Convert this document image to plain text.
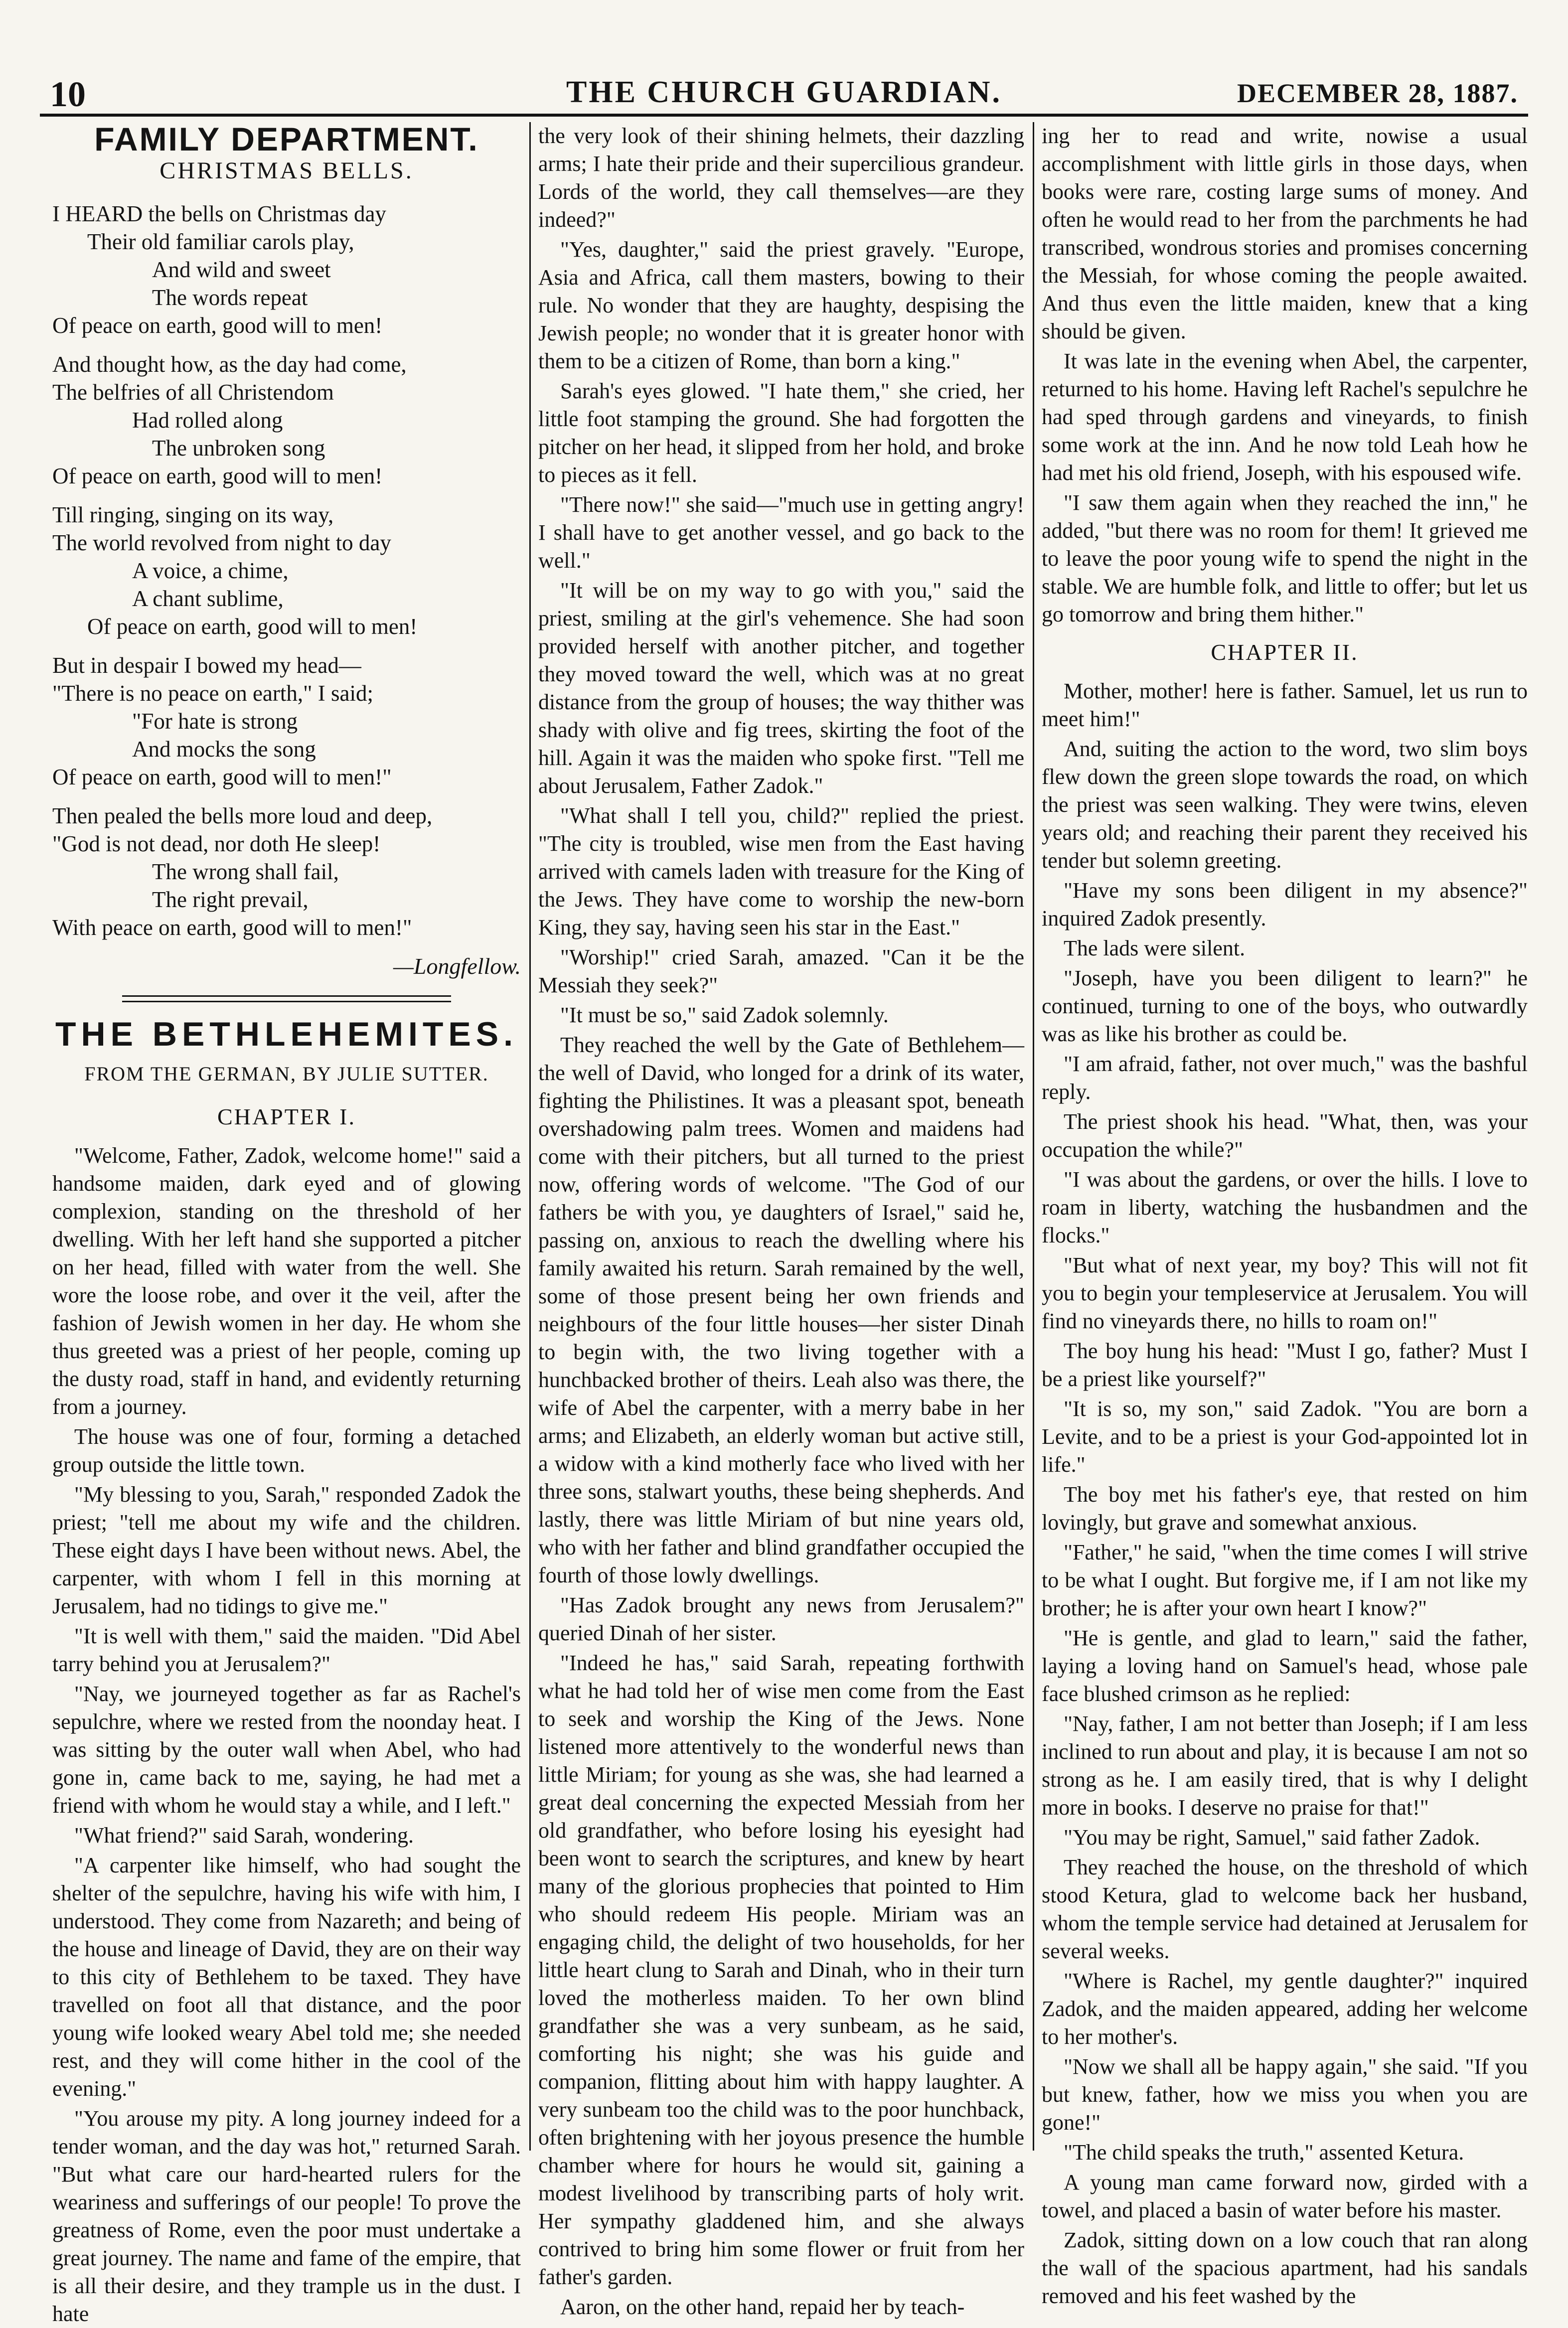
10	THE CHURCH GUARDIAN.	DECEMBER 28, 1887.
FAMILY DEPARTMENT.
CHRISTMAS BELLS.
I HEARD the bells on Christmas day
Their old familiar carols play,
And wild and sweet
The words repeat
Of peace on earth, good will to men!
And thought how, as the day had come,
The belfries of all Christendom
Had rolled along
The unbroken song
Of peace on earth, good will to men!
Till ringing, singing on its way,
The world revolved from night to day
A voice, a chime,
A chant sublime,
Of peace on earth, good will to men!
But in despair I bowed my head—
"There is no peace on earth," I said;
"For hate is strong
And mocks the song
Of peace on earth, good will to men!"
Then pealed the bells more loud and deep,
"God is not dead, nor doth He sleep!
The wrong shall fail,
The right prevail,
With peace on earth, good will to men!"
—Longfellow.
THE BETHLEHEMITES.
FROM THE GERMAN, BY JULIE SUTTER.
CHAPTER I.

"Welcome, Father, Zadok, welcome home!" said a handsome maiden, dark eyed and of glowing complexion, standing on the threshold of her dwelling. With her left hand she supported a pitcher on her head, filled with water from the well. She wore the loose robe, and over it the veil, after the fashion of Jewish women in her day. He whom she thus greeted was a priest of her people, coming up the dusty road, staff in hand, and evidently returning from a journey.

The house was one of four, forming a detached group outside the little town.

"My blessing to you, Sarah," responded Zadok the priest; "tell me about my wife and the children. These eight days I have been without news. Abel, the carpenter, with whom I fell in this morning at Jerusalem, had no tidings to give me."

"It is well with them," said the maiden. "Did Abel tarry behind you at Jerusalem?"

"Nay, we journeyed together as far as Rachel's sepulchre, where we rested from the noonday heat. I was sitting by the outer wall when Abel, who had gone in, came back to me, saying, he had met a friend with whom he would stay a while, and I left."

"What friend?" said Sarah, wondering.

"A carpenter like himself, who had sought the shelter of the sepulchre, having his wife with him, I understood. They come from Nazareth; and being of the house and lineage of David, they are on their way to this city of Bethlehem to be taxed. They have travelled on foot all that distance, and the poor young wife looked weary Abel told me; she needed rest, and they will come hither in the cool of the evening."

"You arouse my pity. A long journey indeed for a tender woman, and the day was hot," returned Sarah. "But what care our hard-hearted rulers for the weariness and sufferings of our people! To prove the greatness of Rome, even the poor must undertake a great journey. The name and fame of the empire, that is all their desire, and they trample us in the dust. I hate

the very look of their shining helmets, their dazzling arms; I hate their pride and their supercilious grandeur. Lords of the world, they call themselves—are they indeed?"

"Yes, daughter," said the priest gravely. "Europe, Asia and Africa, call them masters, bowing to their rule. No wonder that they are haughty, despising the Jewish people; no wonder that it is greater honor with them to be a citizen of Rome, than born a king."

Sarah's eyes glowed. "I hate them," she cried, her little foot stamping the ground. She had forgotten the pitcher on her head, it slipped from her hold, and broke to pieces as it fell.

"There now!" she said—"much use in getting angry! I shall have to get another vessel, and go back to the well."

"It will be on my way to go with you," said the priest, smiling at the girl's vehemence. She had soon provided herself with another pitcher, and together they moved toward the well, which was at no great distance from the group of houses; the way thither was shady with olive and fig trees, skirting the foot of the hill. Again it was the maiden who spoke first. "Tell me about Jerusalem, Father Zadok."

"What shall I tell you, child?" replied the priest. "The city is troubled, wise men from the East having arrived with camels laden with treasure for the King of the Jews. They have come to worship the new-born King, they say, having seen his star in the East."

"Worship!" cried Sarah, amazed. "Can it be the Messiah they seek?"

"It must be so," said Zadok solemnly.

They reached the well by the Gate of Bethlehem—the well of David, who longed for a drink of its water, fighting the Philistines. It was a pleasant spot, beneath overshadowing palm trees. Women and maidens had come with their pitchers, but all turned to the priest now, offering words of welcome. "The God of our fathers be with you, ye daughters of Israel," said he, passing on, anxious to reach the dwelling where his family awaited his return. Sarah remained by the well, some of those present being her own friends and neighbours of the four little houses—her sister Dinah to begin with, the two living together with a hunchbacked brother of theirs. Leah also was there, the wife of Abel the carpenter, with a merry babe in her arms; and Elizabeth, an elderly woman but active still, a widow with a kind motherly face who lived with her three sons, stalwart youths, these being shepherds. And lastly, there was little Miriam of but nine years old, who with her father and blind grandfather occupied the fourth of those lowly dwellings.

"Has Zadok brought any news from Jerusalem?" queried Dinah of her sister.

"Indeed he has," said Sarah, repeating forthwith what he had told her of wise men come from the East to seek and worship the King of the Jews. None listened more attentively to the wonderful news than little Miriam; for young as she was, she had learned a great deal concerning the expected Messiah from her old grandfather, who before losing his eyesight had been wont to search the scriptures, and knew by heart many of the glorious prophecies that pointed to Him who should redeem His people. Miriam was an engaging child, the delight of two households, for her little heart clung to Sarah and Dinah, who in their turn loved the motherless maiden. To her own blind grandfather she was a very sunbeam, as he said, comforting his night; she was his guide and companion, flitting about him with happy laughter. A very sunbeam too the child was to the poor hunchback, often brightening with her joyous presence the humble chamber where for hours he would sit, gaining a modest livelihood by transcribing parts of holy writ. Her sympathy gladdened him, and she always contrived to bring him some flower or fruit from her father's garden.

Aaron, on the other hand, repaid her by teach-

ing her to read and write, nowise a usual accomplishment with little girls in those days, when books were rare, costing large sums of money. And often he would read to her from the parchments he had transcribed, wondrous stories and promises concerning the Messiah, for whose coming the people awaited. And thus even the little maiden, knew that a king should be given.

It was late in the evening when Abel, the carpenter, returned to his home. Having left Rachel's sepulchre he had sped through gardens and vineyards, to finish some work at the inn. And he now told Leah how he had met his old friend, Joseph, with his espoused wife.

"I saw them again when they reached the inn," he added, "but there was no room for them! It grieved me to leave the poor young wife to spend the night in the stable. We are humble folk, and little to offer; but let us go tomorrow and bring them hither."

CHAPTER II.

Mother, mother! here is father. Samuel, let us run to meet him!"

And, suiting the action to the word, two slim boys flew down the green slope towards the road, on which the priest was seen walking. They were twins, eleven years old; and reaching their parent they received his tender but solemn greeting.

"Have my sons been diligent in my absence?" inquired Zadok presently.

The lads were silent.

"Joseph, have you been diligent to learn?" he continued, turning to one of the boys, who outwardly was as like his brother as could be.

"I am afraid, father, not over much," was the bashful reply.

The priest shook his head. "What, then, was your occupation the while?"

"I was about the gardens, or over the hills. I love to roam in liberty, watching the husbandmen and the flocks."

"But what of next year, my boy? This will not fit you to begin your templeservice at Jerusalem. You will find no vineyards there, no hills to roam on!"

The boy hung his head: "Must I go, father? Must I be a priest like yourself?"

"It is so, my son," said Zadok. "You are born a Levite, and to be a priest is your God-appointed lot in life."

The boy met his father's eye, that rested on him lovingly, but grave and somewhat anxious.

"Father," he said, "when the time comes I will strive to be what I ought. But forgive me, if I am not like my brother; he is after your own heart I know?"

"He is gentle, and glad to learn," said the father, laying a loving hand on Samuel's head, whose pale face blushed crimson as he replied:

"Nay, father, I am not better than Joseph; if I am less inclined to run about and play, it is because I am not so strong as he. I am easily tired, that is why I delight more in books. I deserve no praise for that!"

"You may be right, Samuel," said father Zadok.

They reached the house, on the threshold of which stood Ketura, glad to welcome back her husband, whom the temple service had detained at Jerusalem for several weeks.

"Where is Rachel, my gentle daughter?" inquired Zadok, and the maiden appeared, adding her welcome to her mother's.

"Now we shall all be happy again," she said. "If you but knew, father, how we miss you when you are gone!"

"The child speaks the truth," assented Ketura.

A young man came forward now, girded with a towel, and placed a basin of water before his master.

Zadok, sitting down on a low couch that ran along the wall of the spacious apartment, had his sandals removed and his feet washed by the
